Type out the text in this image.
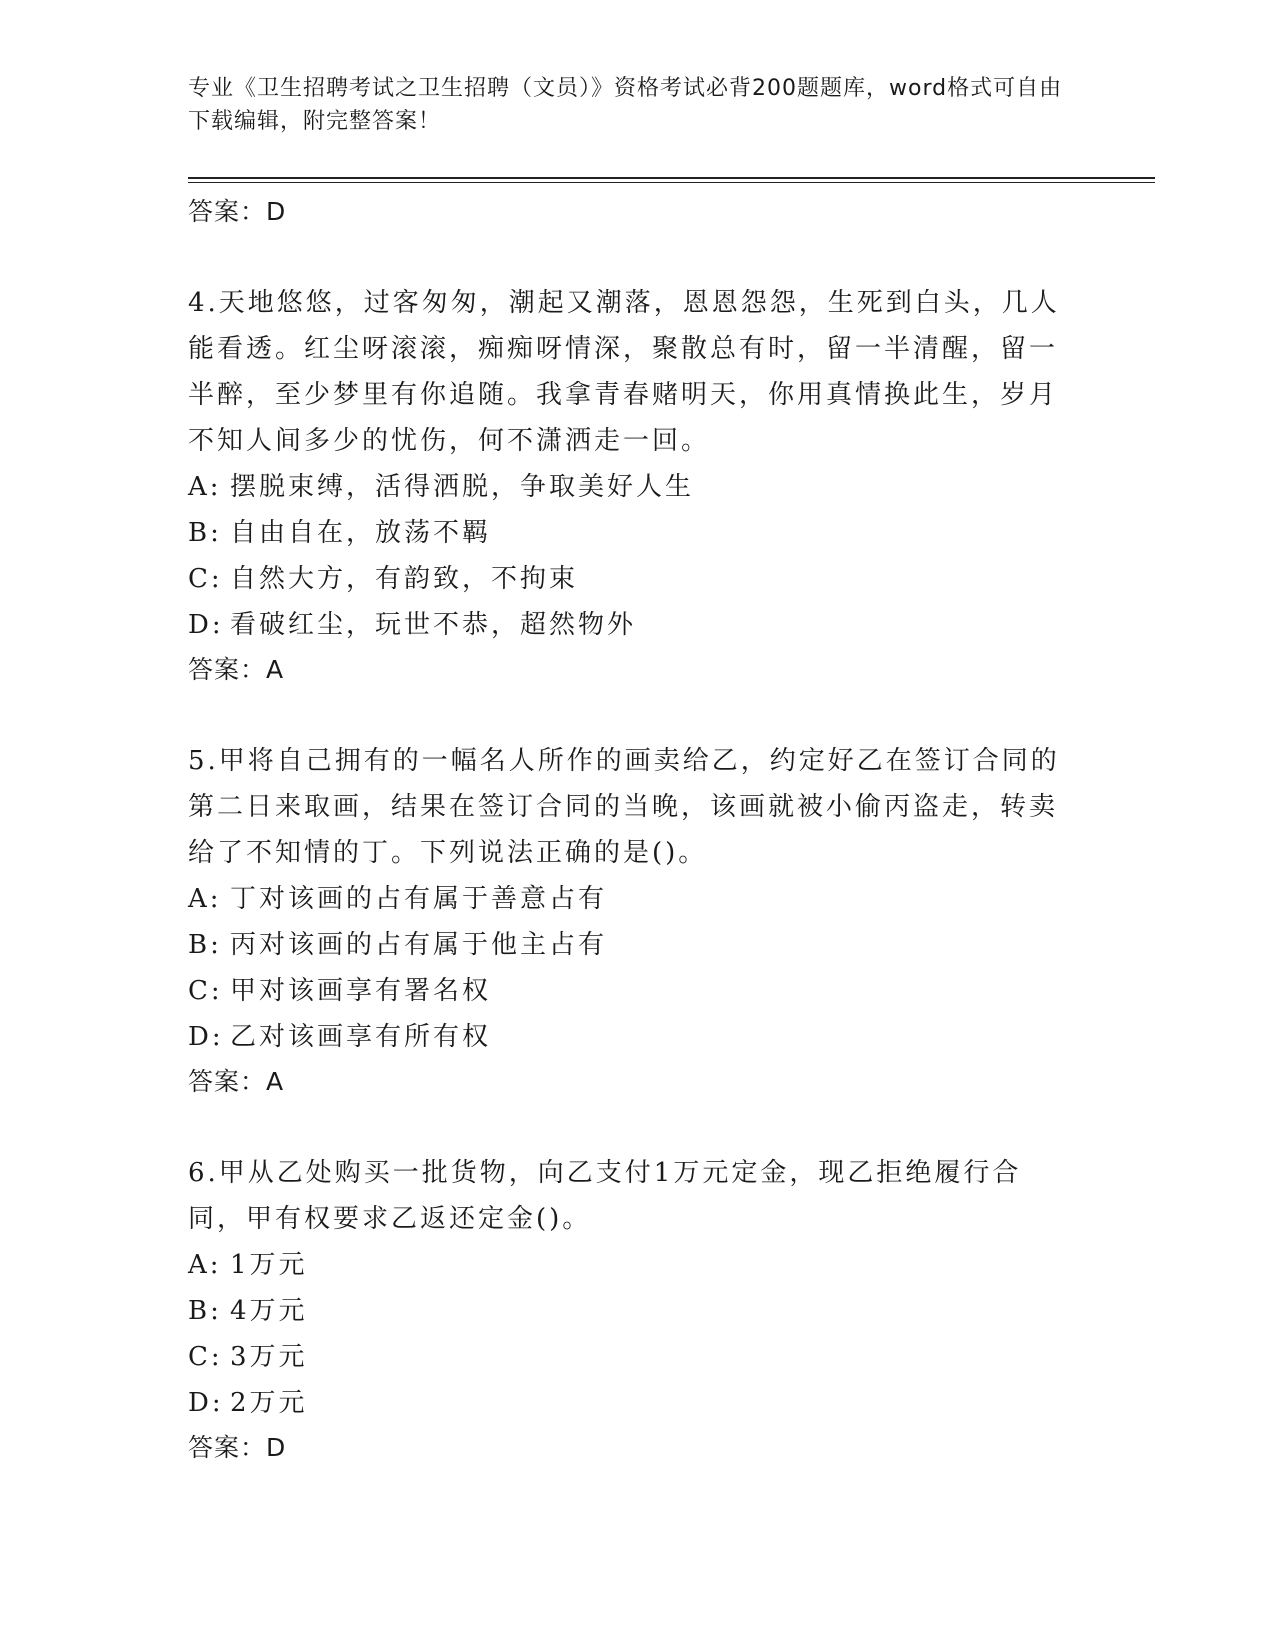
专业《卫生招聘考试之卫生招聘（文员）》资格考试必背200题题库，word格式可自由下载编辑，附完整答案！
答案：D
4.天地悠悠，过客匆匆，潮起又潮落，恩恩怨怨，生死到白头，几人能看透。红尘呀滚滚，痴痴呀情深，聚散总有时，留一半清醒，留一半醉，至少梦里有你追随。我拿青春赌明天，你用真情换此生，岁月不知人间多少的忧伤，何不潇洒走一回。
A: 摆脱束缚，活得洒脱，争取美好人生
B: 自由自在，放荡不羁
C: 自然大方，有韵致，不拘束
D: 看破红尘，玩世不恭，超然物外
答案：A
5.甲将自己拥有的一幅名人所作的画卖给乙，约定好乙在签订合同的第二日来取画，结果在签订合同的当晚，该画就被小偷丙盗走，转卖给了不知情的丁。下列说法正确的是()。
A: 丁对该画的占有属于善意占有
B: 丙对该画的占有属于他主占有
C: 甲对该画享有署名权
D: 乙对该画享有所有权
答案：A
6.甲从乙处购买一批货物，向乙支付1万元定金，现乙拒绝履行合同，甲有权要求乙返还定金()。
A: 1万元
B: 4万元
C: 3万元
D: 2万元
答案：D
